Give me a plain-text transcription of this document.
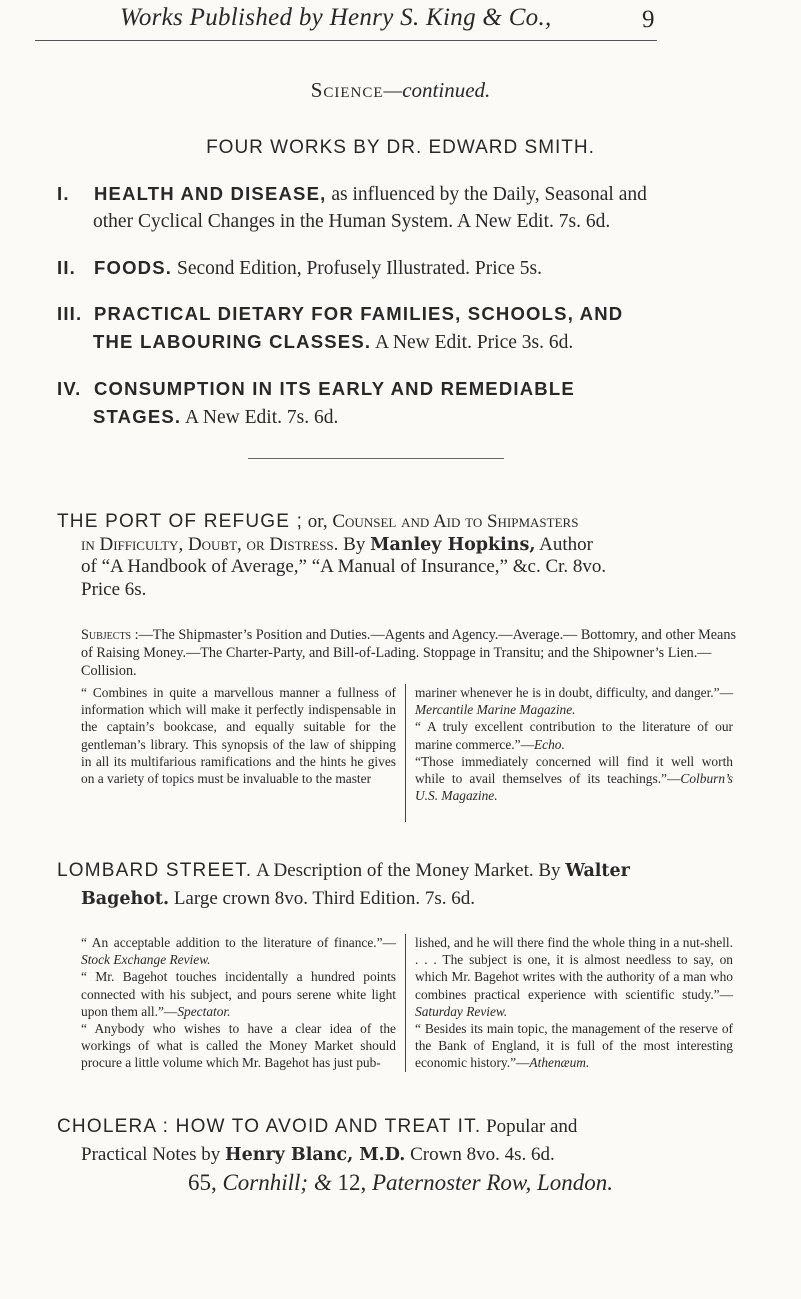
Works Published by Henry S. King & Co.,	9
Science—continued.
FOUR WORKS BY DR. EDWARD SMITH.
I. HEALTH AND DISEASE, as influenced by the Daily, Seasonal and
other Cyclical Changes in the Human System. A New Edit. 7s. 6d.
II. FOODS. Second Edition, Profusely Illustrated. Price 5s.
III. PRACTICAL DIETARY FOR FAMILIES, SCHOOLS, AND
THE LABOURING CLASSES. A New Edit. Price 3s. 6d.
IV. CONSUMPTION IN ITS EARLY AND REMEDIABLE
STAGES. A New Edit. 7s. 6d.
THE PORT OF REFUGE ; or, Counsel and Aid to Shipmasters
in Difficulty, Doubt, or Distress. By Manley Hopkins, Author
of “A Handbook of Average,” “A Manual of Insurance,” &c. Cr. 8vo.
Price 6s.
Subjects :—The Shipmaster’s Position and Duties.—Agents and Agency.—Average.— Bottomry, and other Means of Raising Money.—The Charter-Party, and Bill-of-Lading. Stoppage in Transitu; and the Shipowner’s Lien.—Collision.
“ Combines in quite a marvellous manner a fullness of information which will make it perfectly indispensable in the captain’s bookcase, and equally suitable for the gentleman’s library. This synopsis of the law of shipping in all its multifarious ramifications and the hints he gives on a variety of topics must be invaluable to the master
mariner whenever he is in doubt, difficulty, and danger.”—Mercantile Marine Magazine.
“ A truly excellent contribution to the literature of our marine commerce.”—Echo.
“Those immediately concerned will find it well worth while to avail themselves of its teachings.”—Colburn’s U.S. Magazine.
LOMBARD STREET. A Description of the Money Market. By Walter
Bagehot. Large crown 8vo. Third Edition. 7s. 6d.
“ An acceptable addition to the literature of finance.”—Stock Exchange Review.
“ Mr. Bagehot touches incidentally a hundred points connected with his subject, and pours serene white light upon them all.”—Spectator.
“ Anybody who wishes to have a clear idea of the workings of what is called the Money Market should procure a little volume which Mr. Bagehot has just pub-
lished, and he will there find the whole thing in a nut-shell. . . . The subject is one, it is almost needless to say, on which Mr. Bagehot writes with the authority of a man who combines practical experience with scientific study.”—Saturday Review.
“ Besides its main topic, the management of the reserve of the Bank of England, it is full of the most interesting economic history.”—Athenæum.
CHOLERA : HOW TO AVOID AND TREAT IT. Popular and
Practical Notes by Henry Blanc, M.D. Crown 8vo. 4s. 6d.
65, Cornhill; & 12, Paternoster Row, London.
